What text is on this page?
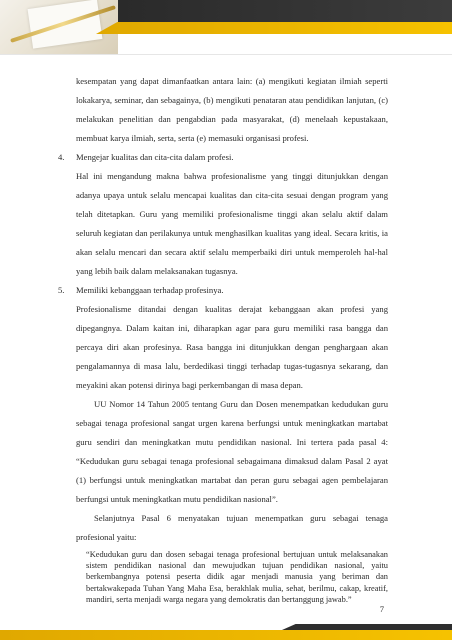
kesempatan yang dapat dimanfaatkan antara lain: (a) mengikuti kegiatan ilmiah seperti lokakarya, seminar, dan sebagainya, (b) mengikuti penataran atau pendidikan lanjutan, (c) melakukan penelitian dan pengabdian pada masyarakat, (d) menelaah kepustakaan, membuat karya ilmiah, serta, serta (e) memasuki organisasi profesi.

4. Mengejar kualitas dan cita-cita dalam profesi.
Hal ini mengandung makna bahwa profesionalisme yang tinggi ditunjukkan dengan adanya upaya untuk selalu mencapai kualitas dan cita-cita sesuai dengan program yang telah ditetapkan. Guru yang memiliki profesionalisme tinggi akan selalu aktif dalam seluruh kegiatan dan perilakunya untuk menghasilkan kualitas yang ideal. Secara kritis, ia akan selalu mencari dan secara aktif selalu memperbaiki diri untuk memperoleh hal-hal yang lebih baik dalam melaksanakan tugasnya.
5. Memiliki kebanggaan terhadap profesinya.
Profesionalisme ditandai dengan kualitas derajat kebanggaan akan profesi yang dipegangnya. Dalam kaitan ini, diharapkan agar para guru memiliki rasa bangga dan percaya diri akan profesinya. Rasa bangga ini ditunjukkan dengan penghargaan akan pengalamannya di masa lalu, berdedikasi tinggi terhadap tugas-tugasnya sekarang, dan meyakini akan potensi dirinya bagi perkembangan di masa depan.

UU Nomor 14 Tahun 2005 tentang Guru dan Dosen menempatkan kedudukan guru sebagai tenaga profesional sangat urgen karena berfungsi untuk meningkatkan martabat guru sendiri dan meningkatkan mutu pendidikan nasional. Ini tertera pada pasal 4: “Kedudukan guru sebagai tenaga profesional sebagaimana dimaksud dalam Pasal 2 ayat (1) berfungsi untuk meningkatkan martabat dan peran guru sebagai agen pembelajaran berfungsi untuk meningkatkan mutu pendidikan nasional”.

Selanjutnya Pasal 6 menyatakan tujuan menempatkan guru sebagai tenaga profesional yaitu:

“Kedudukan guru dan dosen sebagai tenaga profesional bertujuan untuk melaksanakan sistem pendidikan nasional dan mewujudkan tujuan pendidikan nasional, yaitu berkembangnya potensi peserta didik agar menjadi manusia yang beriman dan bertakwakepada Tuhan Yang Maha Esa, berakhlak mulia, sehat, berilmu, cakap, kreatif, mandiri, serta menjadi warga negara yang demokratis dan bertanggung jawab.”

7
